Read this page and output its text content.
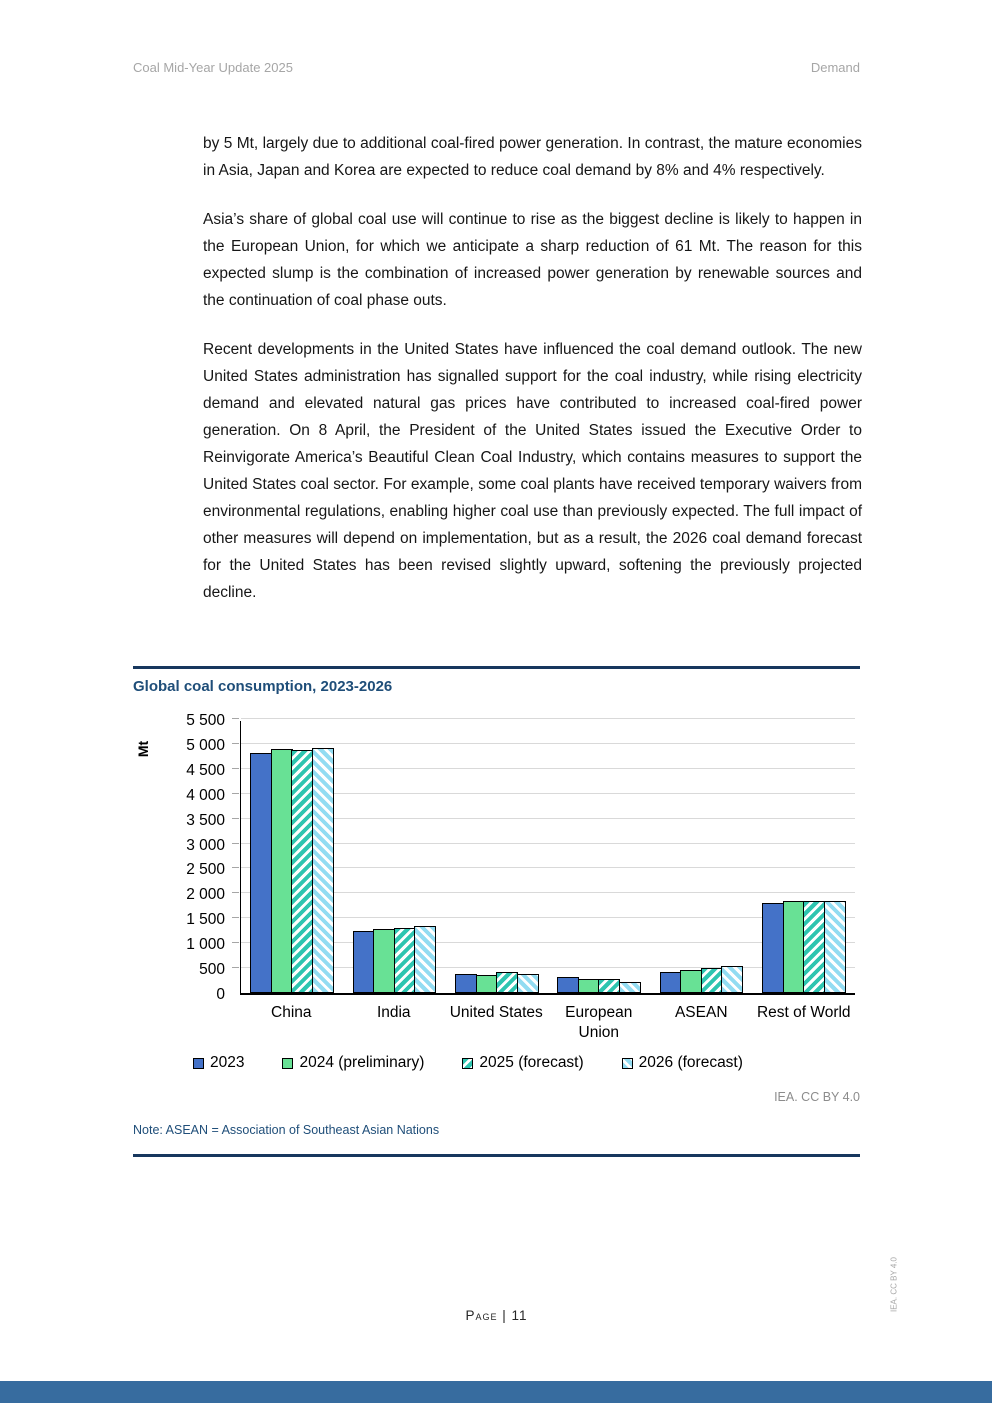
Coal Mid-Year Update 2025	Demand

by 5 Mt, largely due to additional coal-fired power generation. In contrast, the mature economies in Asia, Japan and Korea are expected to reduce coal demand by 8% and 4% respectively.

Asia’s share of global coal use will continue to rise as the biggest decline is likely to happen in the European Union, for which we anticipate a sharp reduction of 61 Mt. The reason for this expected slump is the combination of increased power generation by renewable sources and the continuation of coal phase outs.

Recent developments in the United States have influenced the coal demand outlook. The new United States administration has signalled support for the coal industry, while rising electricity demand and elevated natural gas prices have contributed to increased coal-fired power generation. On 8 April, the President of the United States issued the Executive Order to Reinvigorate America’s Beautiful Clean Coal Industry, which contains measures to support the United States coal sector. For example, some coal plants have received temporary waivers from environmental regulations, enabling higher coal use than previously expected. The full impact of other measures will depend on implementation, but as a result, the 2026 coal demand forecast for the United States has been revised slightly upward, softening the previously projected decline.

Global coal consumption, 2023-2026
Mt
5 500
5 000
4 500
4 000
3 500
3 000
2 500
2 000
1 500
1 000
500
0
China	India	United States	European Union
ASEAN	Rest of World
2023	2024 (preliminary)	2025 (forecast)	2026 (forecast)
IEA. CC BY 4.0
Note: ASEAN = Association of Southeast Asian Nations
Page | 11
IEA. CC BY 4.0
